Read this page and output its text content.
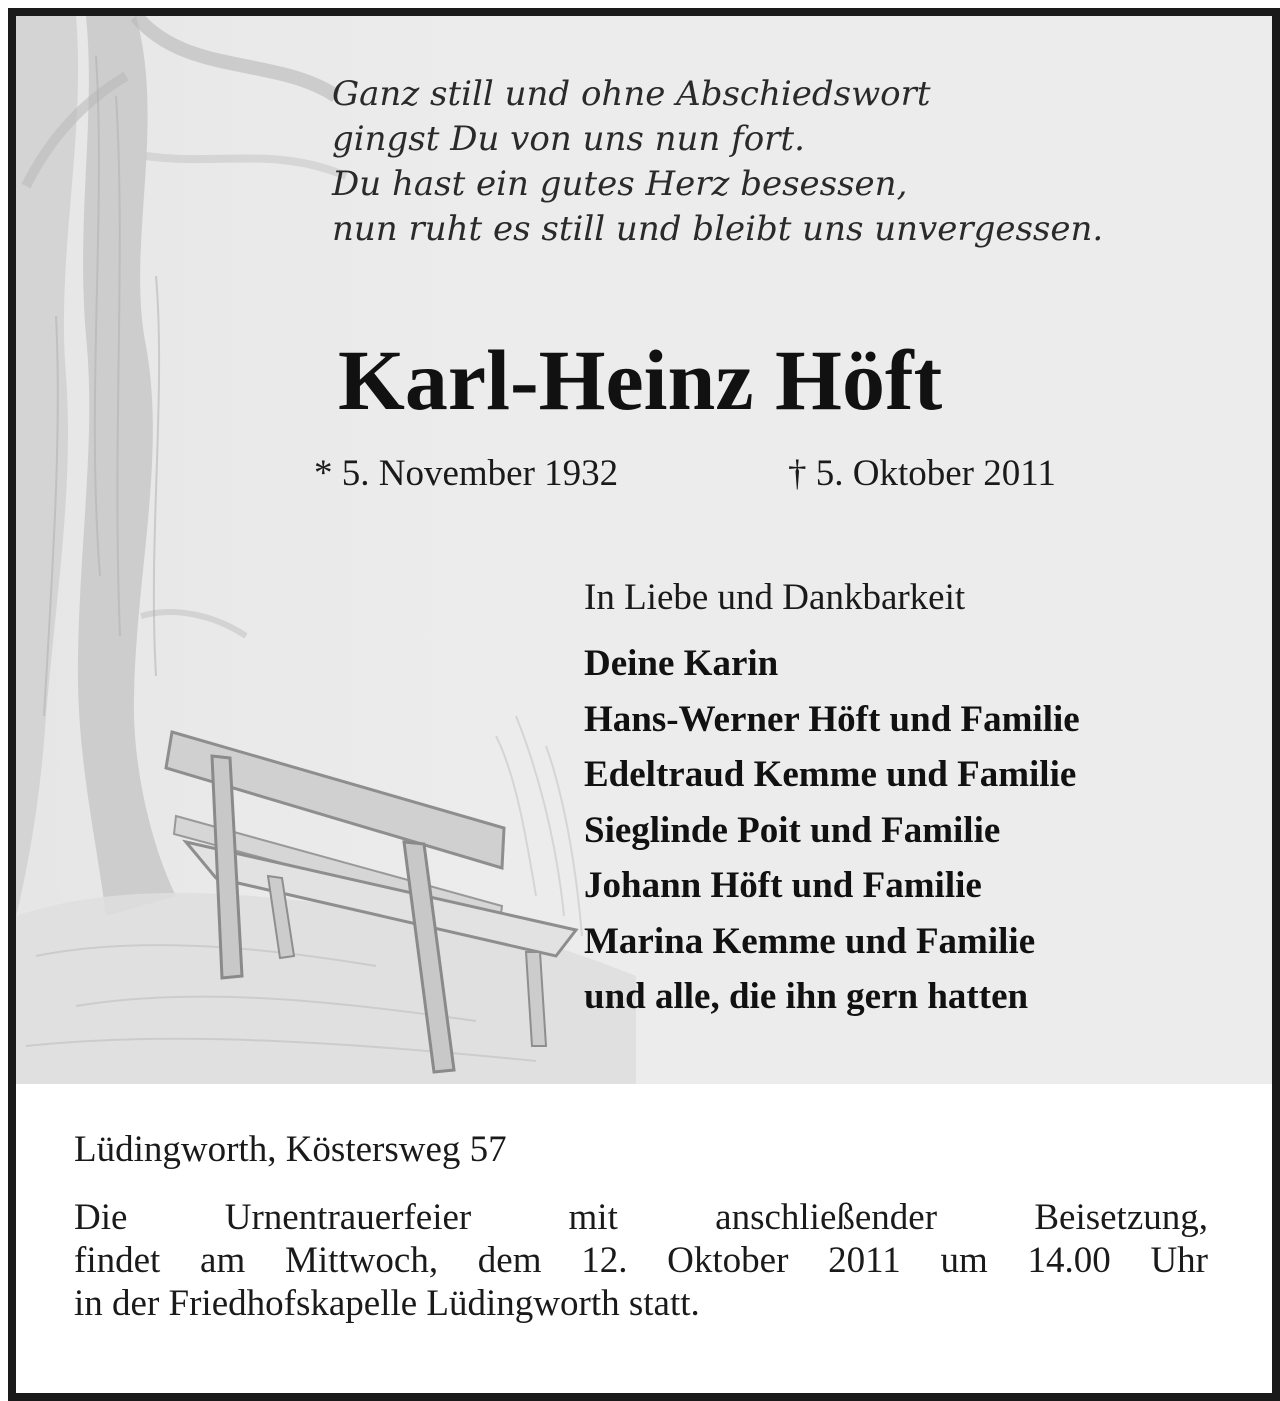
Ganz still und ohne Abschiedswort
gingst Du von uns nun fort.
Du hast ein gutes Herz besessen,
nun ruht es still und bleibt uns unvergessen.
Karl-Heinz Höft
* 5. November 1932	† 5. Oktober 2011
In Liebe und Dankbarkeit
Deine Karin
Hans-Werner Höft und Familie
Edeltraud Kemme und Familie
Sieglinde Poit und Familie
Johann Höft und Familie
Marina Kemme und Familie
und alle, die ihn gern hatten
Lüdingworth, Köstersweg 57
Die Urnentrauerfeier mit anschließender Beisetzung,
findet am Mittwoch, dem 12. Oktober 2011 um 14.00 Uhr
in der Friedhofskapelle Lüdingworth statt.
